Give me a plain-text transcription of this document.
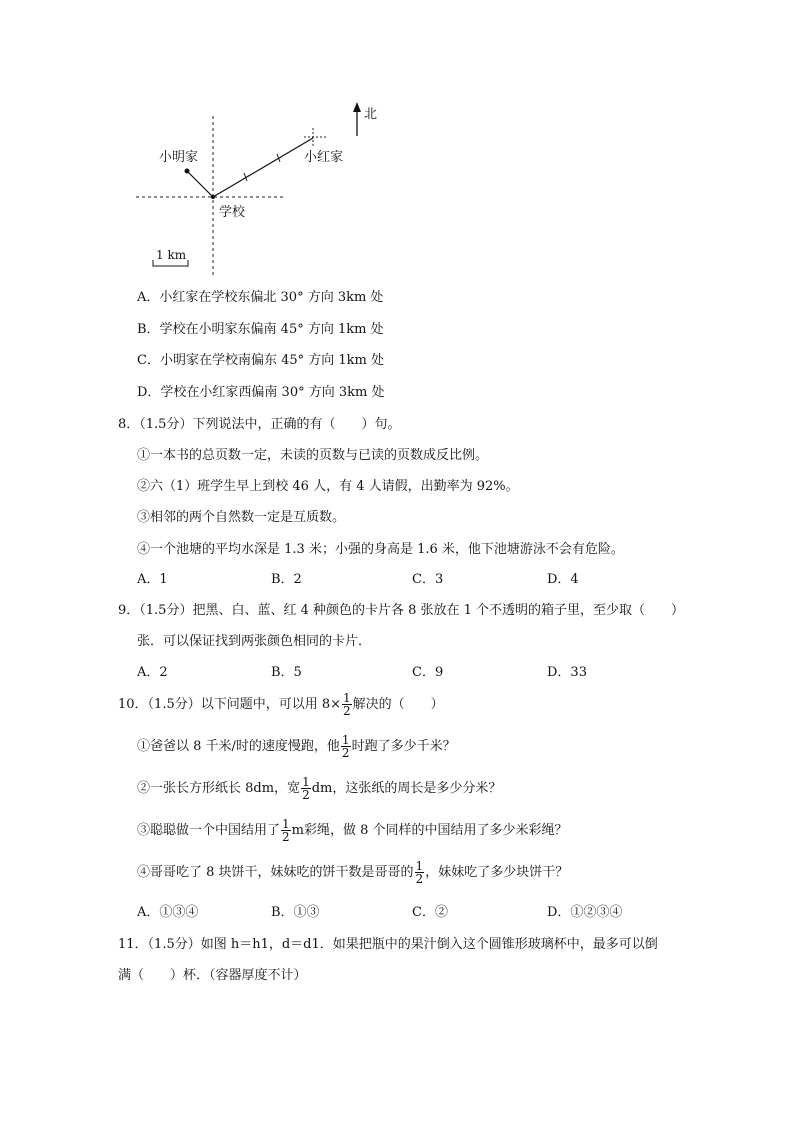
北
小明家	小红家
学校
1 km
A．小红家在学校东偏北 30° 方向 3km 处
B．学校在小明家东偏南 45° 方向 1km 处
C．小明家在学校南偏东 45° 方向 1km 处
D．学校在小红家西偏南 30° 方向 3km 处
8．（1.5分）下列说法中，正确的有（　　）句。
①一本书的总页数一定，未读的页数与已读的页数成反比例。
②六（1）班学生早上到校 46 人，有 4 人请假，出勤率为 92%。
③相邻的两个自然数一定是互质数。
④一个池塘的平均水深是 1.3 米；小强的身高是 1.6 米，他下池塘游泳不会有危险。
A．1	B．2	C．3	D．4
9．（1.5分）把黑、白、蓝、红 4 种颜色的卡片各 8 张放在 1 个不透明的箱子里，至少取（　　）
张．可以保证找到两张颜色相同的卡片．
A．2	B．5	C．9	D．33
10．（1.5分）以下问题中，可以用 $8\times \frac{1}{2}$ 解决的（　　）
①爸爸以 8 千米/时的速度慢跑，他 $\frac{1}{2}$ 时跑了多少千米？
②一张长方形纸长 8dm，宽 $\frac{1}{2}$ dm，这张纸的周长是多少分米？
③聪聪做一个中国结用了 $\frac{1}{2}$ m彩绳，做 8 个同样的中国结用了多少米彩绳？
④哥哥吃了 8 块饼干，妹妹吃的饼干数是哥哥的 $\frac{1}{2}$ ，妹妹吃了多少块饼干？
A．①③④	B．①③	C．②	D．①②③④
11．（1.5分）如图 h＝h1，d＝d1．如果把瓶中的果汁倒入这个圆锥形玻璃杯中，最多可以倒
满（　　）杯．（容器厚度不计）
